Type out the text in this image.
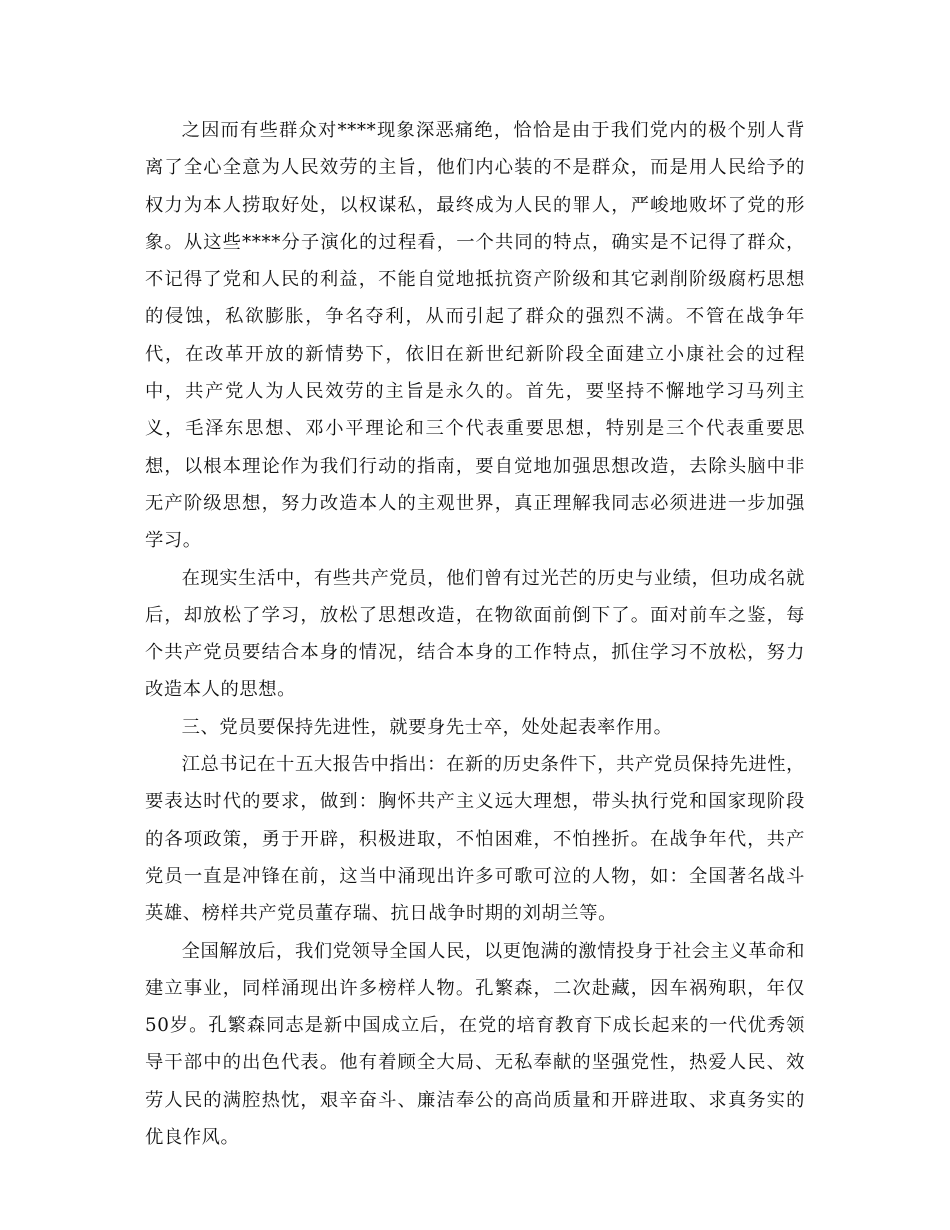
之因而有些群众对****现象深恶痛绝，恰恰是由于我们党内的极个别人背离了全心全意为人民效劳的主旨，他们内心装的不是群众，而是用人民给予的权力为本人捞取好处，以权谋私，最终成为人民的罪人，严峻地败坏了党的形象。从这些****分子演化的过程看，一个共同的特点，确实是不记得了群众，不记得了党和人民的利益，不能自觉地抵抗资产阶级和其它剥削阶级腐朽思想的侵蚀，私欲膨胀，争名夺利，从而引起了群众的强烈不满。不管在战争年代，在改革开放的新情势下，依旧在新世纪新阶段全面建立小康社会的过程中，共产党人为人民效劳的主旨是永久的。首先，要坚持不懈地学习马列主义，毛泽东思想、邓小平理论和三个代表重要思想，特别是三个代表重要思想，以根本理论作为我们行动的指南，要自觉地加强思想改造，去除头脑中非无产阶级思想，努力改造本人的主观世界，真正理解我同志必须进进一步加强学习。

在现实生活中，有些共产党员，他们曾有过光芒的历史与业绩，但功成名就后，却放松了学习，放松了思想改造，在物欲面前倒下了。面对前车之鉴，每个共产党员要结合本身的情况，结合本身的工作特点，抓住学习不放松，努力改造本人的思想。

三、党员要保持先进性，就要身先士卒，处处起表率作用。

江总书记在十五大报告中指出：在新的历史条件下，共产党员保持先进性，要表达时代的要求，做到：胸怀共产主义远大理想，带头执行党和国家现阶段的各项政策，勇于开辟，积极进取，不怕困难，不怕挫折。在战争年代，共产党员一直是冲锋在前，这当中涌现出许多可歌可泣的人物，如：全国著名战斗英雄、榜样共产党员董存瑞、抗日战争时期的刘胡兰等。

全国解放后，我们党领导全国人民，以更饱满的激情投身于社会主义革命和建立事业，同样涌现出许多榜样人物。孔繁森，二次赴藏，因车祸殉职，年仅50岁。孔繁森同志是新中国成立后，在党的培育教育下成长起来的一代优秀领导干部中的出色代表。他有着顾全大局、无私奉献的坚强党性，热爱人民、效劳人民的满腔热忱，艰辛奋斗、廉洁奉公的高尚质量和开辟进取、求真务实的优良作风。
